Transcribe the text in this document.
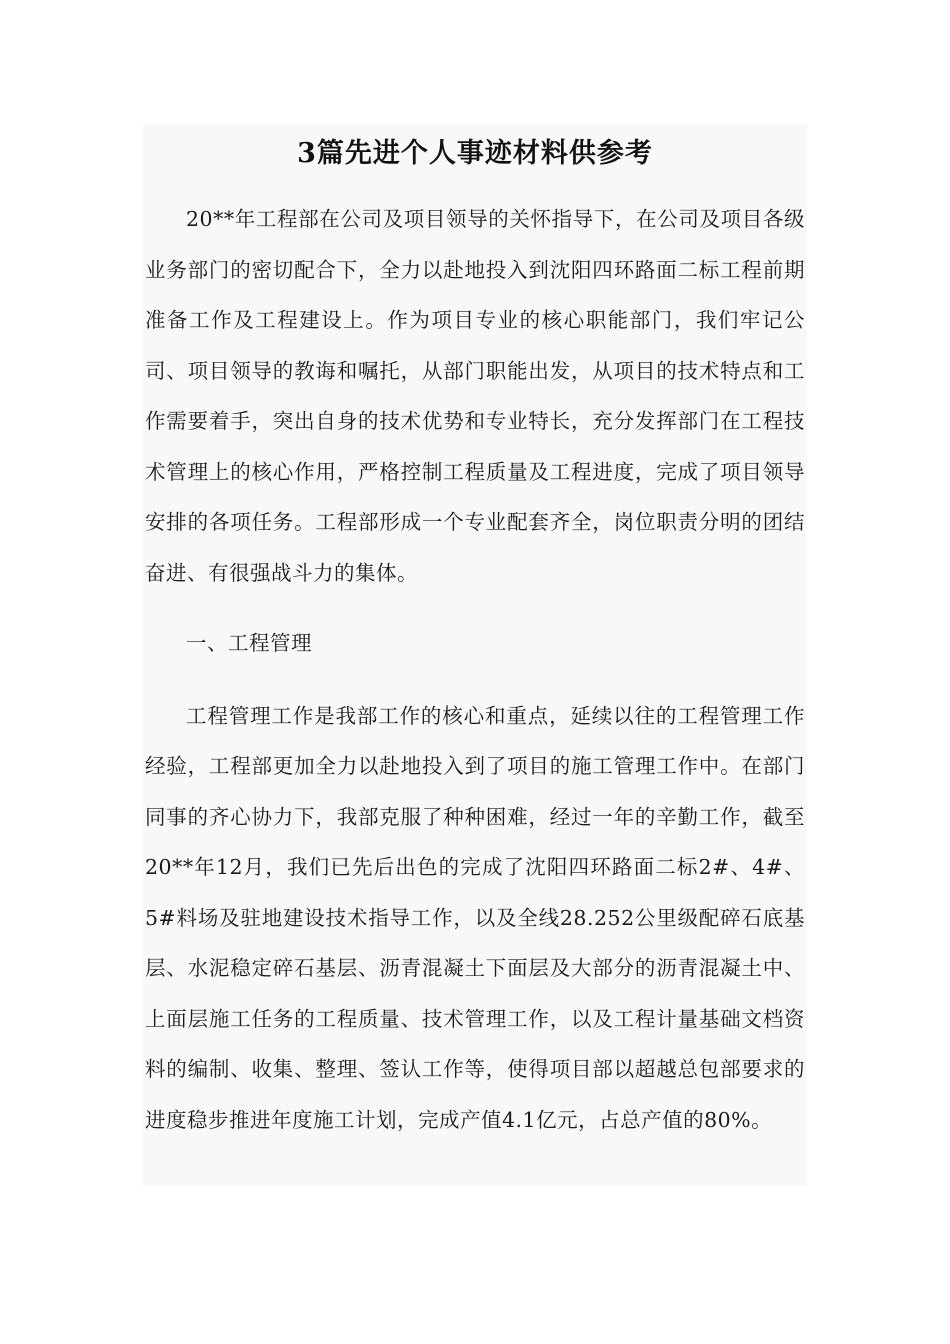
3篇先进个人事迹材料供参考

20**年工程部在公司及项目领导的关怀指导下，在公司及项目各级业务部门的密切配合下，全力以赴地投入到沈阳四环路面二标工程前期准备工作及工程建设上。作为项目专业的核心职能部门，我们牢记公司、项目领导的教诲和嘱托，从部门职能出发，从项目的技术特点和工作需要着手，突出自身的技术优势和专业特长，充分发挥部门在工程技术管理上的核心作用，严格控制工程质量及工程进度，完成了项目领导安排的各项任务。工程部形成一个专业配套齐全，岗位职责分明的团结奋进、有很强战斗力的集体。

一、工程管理

工程管理工作是我部工作的核心和重点，延续以往的工程管理工作经验，工程部更加全力以赴地投入到了项目的施工管理工作中。在部门同事的齐心协力下，我部克服了种种困难，经过一年的辛勤工作，截至20**年12月，我们已先后出色的完成了沈阳四环路面二标2#、4#、5#料场及驻地建设技术指导工作，以及全线28.252公里级配碎石底基层、水泥稳定碎石基层、沥青混凝土下面层及大部分的沥青混凝土中、上面层施工任务的工程质量、技术管理工作，以及工程计量基础文档资料的编制、收集、整理、签认工作等，使得项目部以超越总包部要求的进度稳步推进年度施工计划，完成产值4.1亿元，占总产值的80%。
